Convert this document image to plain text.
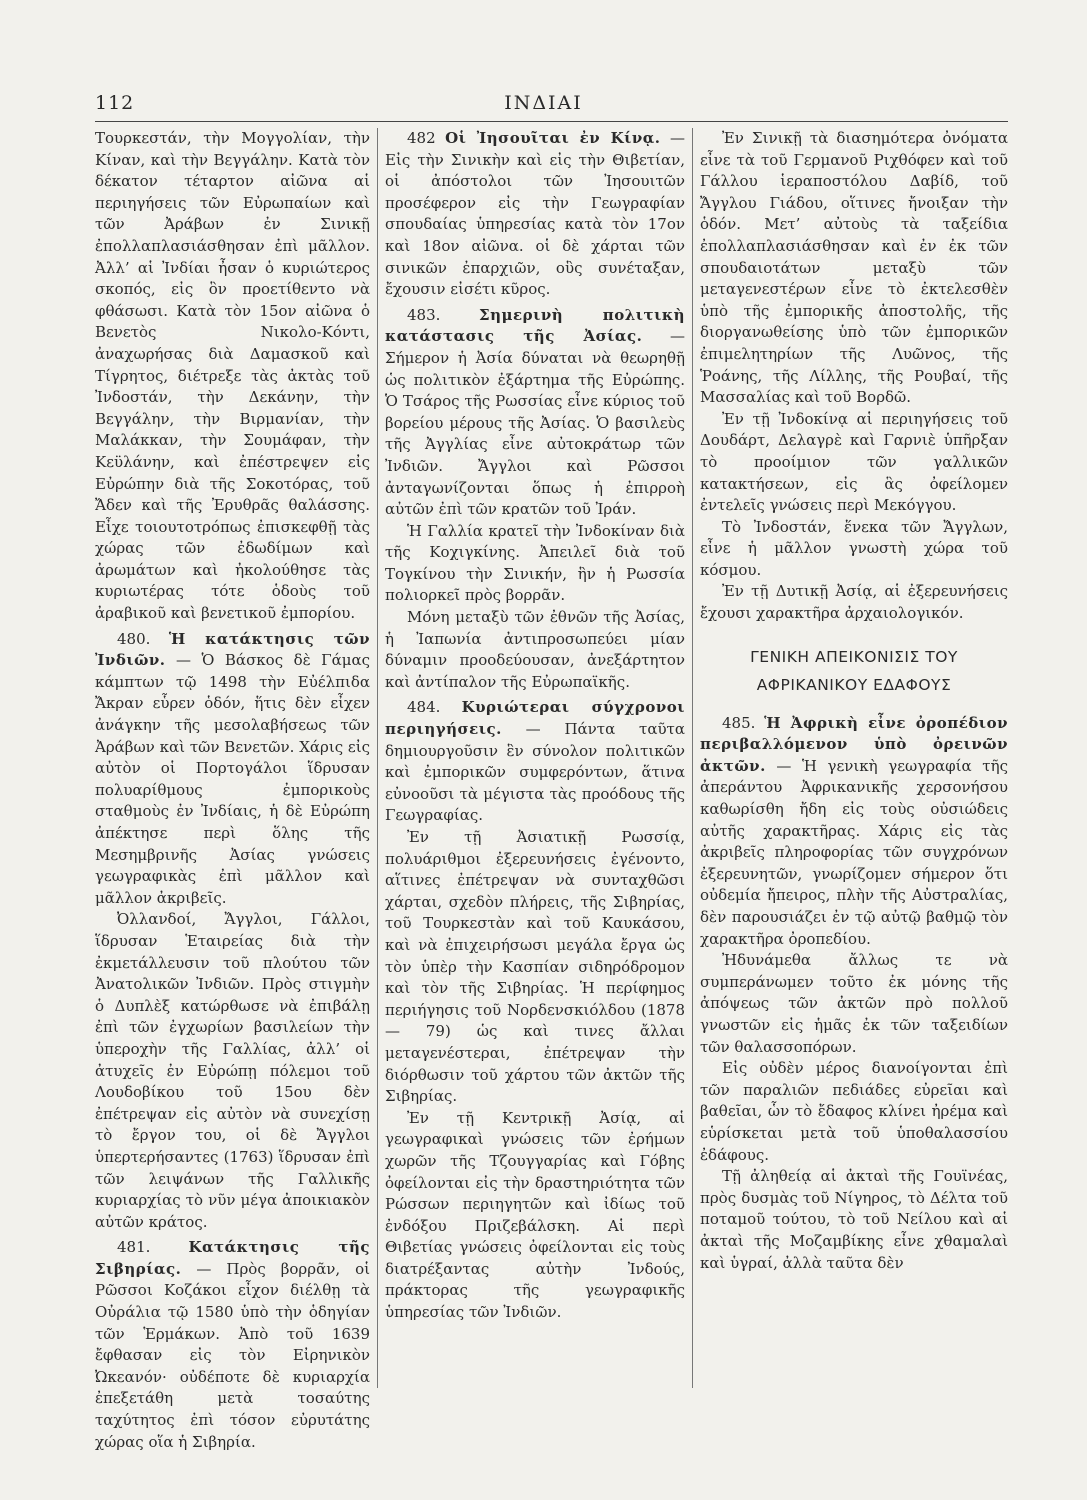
112	ΙΝΔΙΑΙ

Τουρκεστάν, τὴν Μογγολίαν, τὴν Κίναν, καὶ τὴν Βεγγάλην. Κατὰ τὸν δέκατον τέταρτον αἰῶνα αἱ περιηγήσεις τῶν Εὐρωπαίων καὶ τῶν Ἀράβων ἐν Σινικῇ ἐπολλαπλασιάσθησαν ἐπὶ μᾶλλον. Ἀλλ’ αἱ Ἰνδίαι ἦσαν ὁ κυριώτερος σκοπός, εἰς ὃν προετίθεντο νὰ φθάσωσι. Κατὰ τὸν 15ον αἰῶνα ὁ Βενετὸς Νικολο-Κόντι, ἀναχωρήσας διὰ Δαμασκοῦ καὶ Τίγρητος, διέτρεξε τὰς ἀκτὰς τοῦ Ἰνδοστάν, τὴν Δεκάνην, τὴν Βεγγάλην, τὴν Βιρμανίαν, τὴν Μαλάκκαν, τὴν Σουμάφαν, τὴν Κεϋλάνην, καὶ ἐπέστρεψεν εἰς Εὐρώπην διὰ τῆς Σοκοτόρας, τοῦ Ἄδεν καὶ τῆς Ἐρυθρᾶς θαλάσσης. Εἶχε τοιουτοτρόπως ἐπισκεφθῇ τὰς χώρας τῶν ἐδωδίμων καὶ ἀρωμάτων καὶ ἠκολούθησε τὰς κυριωτέρας τότε ὁδοὺς τοῦ ἀραβικοῦ καὶ βενετικοῦ ἐμπορίου.

480. Ἡ κατάκτησις τῶν Ἰνδιῶν. — Ὁ Βάσκος δὲ Γάμας κάμπτων τῷ 1498 τὴν Εὐέλπιδα Ἄκραν εὗρεν ὁδόν, ἥτις δὲν εἶχεν ἀνάγκην τῆς μεσολαβήσεως τῶν Ἀράβων καὶ τῶν Βενετῶν. Χάρις εἰς αὐτὸν οἱ Πορτογάλοι ἵδρυσαν πολυαρίθμους ἐμπορικοὺς σταθμοὺς ἐν Ἰνδίαις, ἡ δὲ Εὐρώπη ἀπέκτησε περὶ ὅλης τῆς Μεσημβρινῆς Ἀσίας γνώσεις γεωγραφικὰς ἐπὶ μᾶλλον καὶ μᾶλλον ἀκριβεῖς.

Ὀλλανδοί, Ἄγγλοι, Γάλλοι, ἵδρυσαν Ἑταιρείας διὰ τὴν ἐκμετάλλευσιν τοῦ πλούτου τῶν Ἀνατολικῶν Ἰνδιῶν. Πρὸς στιγμὴν ὁ Δυπλὲξ κατώρθωσε νὰ ἐπιβάλῃ ἐπὶ τῶν ἐγχωρίων βασιλείων τὴν ὑπεροχὴν τῆς Γαλλίας, ἀλλ’ οἱ ἀτυχεῖς ἐν Εὐρώπῃ πόλεμοι τοῦ Λουδοβίκου τοῦ 15ου δὲν ἐπέτρεψαν εἰς αὐτὸν νὰ συνεχίσῃ τὸ ἔργον του, οἱ δὲ Ἄγγλοι ὑπερτερήσαντες (1763) ἵδρυσαν ἐπὶ τῶν λειψάνων τῆς Γαλλικῆς κυριαρχίας τὸ νῦν μέγα ἀποικιακὸν αὐτῶν κράτος.

481.	Κατάκτησις τῆς Σιβηρίας. — Πρὸς βορρᾶν, οἱ Ρῶσσοι Κοζάκοι εἶχον διέλθῃ τὰ Οὐράλια τῷ 1580 ὑπὸ τὴν ὁδηγίαν τῶν Ἑρμάκων. Ἀπὸ τοῦ 1639 ἔφθασαν εἰς τὸν Εἰρηνικὸν Ὠκεανόν· οὐδέποτε δὲ κυριαρχία ἐπεξετάθη μετὰ τοσαύτης ταχύτητος ἐπὶ τόσον εὐρυτάτης χώρας οἵα ἡ Σιβηρία.

482 Οἱ Ἰησουῖται ἐν Κίνᾳ. — Εἰς τὴν Σινικὴν καὶ εἰς τὴν Θιβετίαν, οἱ ἀπόστολοι τῶν Ἰησουιτῶν προσέφερον εἰς τὴν Γεωγραφίαν σπουδαίας ὑπηρεσίας κατὰ τὸν 17ον καὶ 18ον αἰῶνα. οἱ δὲ χάρται τῶν σινικῶν ἐπαρχιῶν, οὓς συνέταξαν, ἔχουσιν εἰσέτι κῦρος.

483.	Σημερινὴ πολιτικὴ κατάστασις τῆς Ἀσίας. — Σήμερον ἡ Ἀσία δύναται νὰ θεωρηθῇ ὡς πολιτικὸν ἐξάρτημα τῆς Εὐρώπης. Ὁ Τσάρος τῆς Ρωσσίας εἶνε κύριος τοῦ βορείου μέρους τῆς Ἀσίας. Ὁ βασιλεὺς τῆς Ἀγγλίας εἶνε αὐτοκράτωρ τῶν Ἰνδιῶν. Ἄγγλοι καὶ Ρῶσσοι ἀνταγωνίζονται ὅπως ἡ ἐπιρροὴ αὐτῶν ἐπὶ τῶν κρατῶν τοῦ Ἰράν.

Ἡ Γαλλία κρατεῖ τὴν Ἰνδοκίναν διὰ τῆς Κοχιγκίνης. Ἀπειλεῖ διὰ τοῦ Τογκίνου τὴν Σινικήν, ἣν ἡ Ρωσσία πολιορκεῖ πρὸς βορρᾶν.

Μόνη μεταξὺ τῶν ἐθνῶν τῆς Ἀσίας, ἡ Ἰαπωνία ἀντιπροσωπεύει μίαν δύναμιν προοδεύουσαν, ἀνεξάρτητον καὶ ἀντίπαλον τῆς Εὐρωπαϊκῆς.

484. Κυριώτεραι σύγχρονοι περιηγήσεις. — Πάντα ταῦτα δημιουργοῦσιν ἓν σύνολον πολιτικῶν καὶ ἐμπορικῶν συμφερόντων, ἅτινα εὐνοοῦσι τὰ μέγιστα τὰς προόδους τῆς Γεωγραφίας.

Ἐν τῇ Ἀσιατικῇ Ρωσσίᾳ, πολυάριθμοι ἐξερευνήσεις ἐγένοντο, αἵτινες ἐπέτρεψαν νὰ συνταχθῶσι χάρται, σχεδὸν πλήρεις, τῆς Σιβηρίας, τοῦ Τουρκεστὰν καὶ τοῦ Καυκάσου, καὶ νὰ ἐπιχειρήσωσι μεγάλα ἔργα ὡς τὸν ὑπὲρ τὴν Κασπίαν σιδηρόδρομον καὶ τὸν τῆς Σιβηρίας. Ἡ περίφημος περιήγησις τοῦ Νορδενσκιόλδου (1878 — 79) ὡς καὶ τινες ἄλλαι μεταγενέστεραι, ἐπέτρεψαν τὴν διόρθωσιν τοῦ χάρτου τῶν ἀκτῶν τῆς Σιβηρίας.

Ἐν τῇ Κεντρικῇ Ἀσίᾳ, αἱ γεωγραφικαὶ γνώσεις τῶν ἐρήμων χωρῶν τῆς Τζουγγαρίας καὶ Γόβης ὀφείλονται εἰς τὴν δραστηριότητα τῶν Ρώσσων περιηγητῶν καὶ ἰδίως τοῦ ἐνδόξου Πριζεβάλσκη. Αἱ περὶ Θιβετίας γνώσεις ὀφείλονται εἰς τοὺς διατρέξαντας αὐτὴν Ἰνδούς, πράκτορας τῆς γεωγραφικῆς ὑπηρεσίας τῶν Ἰνδιῶν.

Ἐν Σινικῇ τὰ διασημότερα ὀνόματα εἶνε τὰ τοῦ Γερμανοῦ Ριχθόφεν καὶ τοῦ Γάλλου ἱεραποστόλου Δαβίδ, τοῦ Ἄγγλου Γιάδου, οἵτινες ἤνοιξαν τὴν ὁδόν. Μετ’ αὐτοὺς τὰ ταξείδια ἐπολλαπλασιάσθησαν καὶ ἐν ἐκ τῶν σπουδαιοτάτων μεταξὺ τῶν μεταγενεστέρων εἶνε τὸ ἐκτελεσθὲν ὑπὸ τῆς ἐμπορικῆς ἀποστολῆς, τῆς διοργανωθείσης ὑπὸ τῶν ἐμπορικῶν ἐπιμελητηρίων τῆς Λυῶνος, τῆς Ῥοάνης, τῆς Λίλλης, τῆς Ρουβαί, τῆς Μασσαλίας καὶ τοῦ Βορδῶ.

Ἐν τῇ Ἰνδοκίνᾳ αἱ περιηγήσεις τοῦ Δουδάρτ, Δελαγρὲ καὶ Γαρνιὲ ὑπῆρξαν τὸ προοίμιον τῶν γαλλικῶν κατακτήσεων, εἰς ἃς ὀφείλομεν ἐντελεῖς γνώσεις περὶ Μεκόγγου.

Τὸ Ἰνδοστάν, ἕνεκα τῶν Ἄγγλων, εἶνε ἡ μᾶλλον γνωστὴ χώρα τοῦ κόσμου.

Ἐν τῇ Δυτικῇ Ἀσίᾳ, αἱ ἐξερευνήσεις ἔχουσι χαρακτῆρα ἀρχαιολογικόν.

ΓΕΝΙΚΗ ΑΠΕΙΚΟΝΙΣΙΣ ΤΟΥ
ΑΦΡΙΚΑΝΙΚΟΥ ΕΔΑΦΟΥΣ

485. Ἡ Ἀφρικὴ εἶνε ὀροπέδιον περιβαλλόμενον ὑπὸ ὀρεινῶν ἀκτῶν. — Ἡ γενικὴ γεωγραφία τῆς ἀπεράντου Ἀφρικανικῆς χερσονήσου καθωρίσθη ἤδη εἰς τοὺς οὐσιώδεις αὐτῆς χαρακτῆρας. Χάρις εἰς τὰς ἀκριβεῖς πληροφορίας τῶν συγχρόνων ἐξερευνητῶν, γνωρίζομεν σήμερον ὅτι οὐδεμία ἤπειρος, πλὴν τῆς Αὐστραλίας, δὲν παρουσιάζει ἐν τῷ αὐτῷ βαθμῷ τὸν χαρακτῆρα ὀροπεδίου.

Ἠδυνάμεθα ἄλλως τε νὰ συμπεράνωμεν τοῦτο ἐκ μόνης τῆς ἀπόψεως τῶν ἀκτῶν πρὸ πολλοῦ γνωστῶν εἰς ἡμᾶς ἐκ τῶν ταξειδίων τῶν θαλασσοπόρων.

Εἰς οὐδὲν μέρος διανοίγονται ἐπὶ τῶν παραλιῶν πεδιάδες εὐρεῖαι καὶ βαθεῖαι, ὧν τὸ ἔδαφος κλίνει ἠρέμα καὶ εὑρίσκεται μετὰ τοῦ ὑποθαλασσίου ἐδάφους.

Τῇ ἀληθείᾳ αἱ ἀκταὶ τῆς Γουϊνέας, πρὸς δυσμὰς τοῦ Νίγηρος, τὸ Δέλτα τοῦ ποταμοῦ τούτου, τὸ τοῦ Νείλου καὶ αἱ ἀκταὶ τῆς Μοζαμβίκης εἶνε χθαμαλαὶ καὶ ὑγραί, ἀλλὰ ταῦτα δὲν
